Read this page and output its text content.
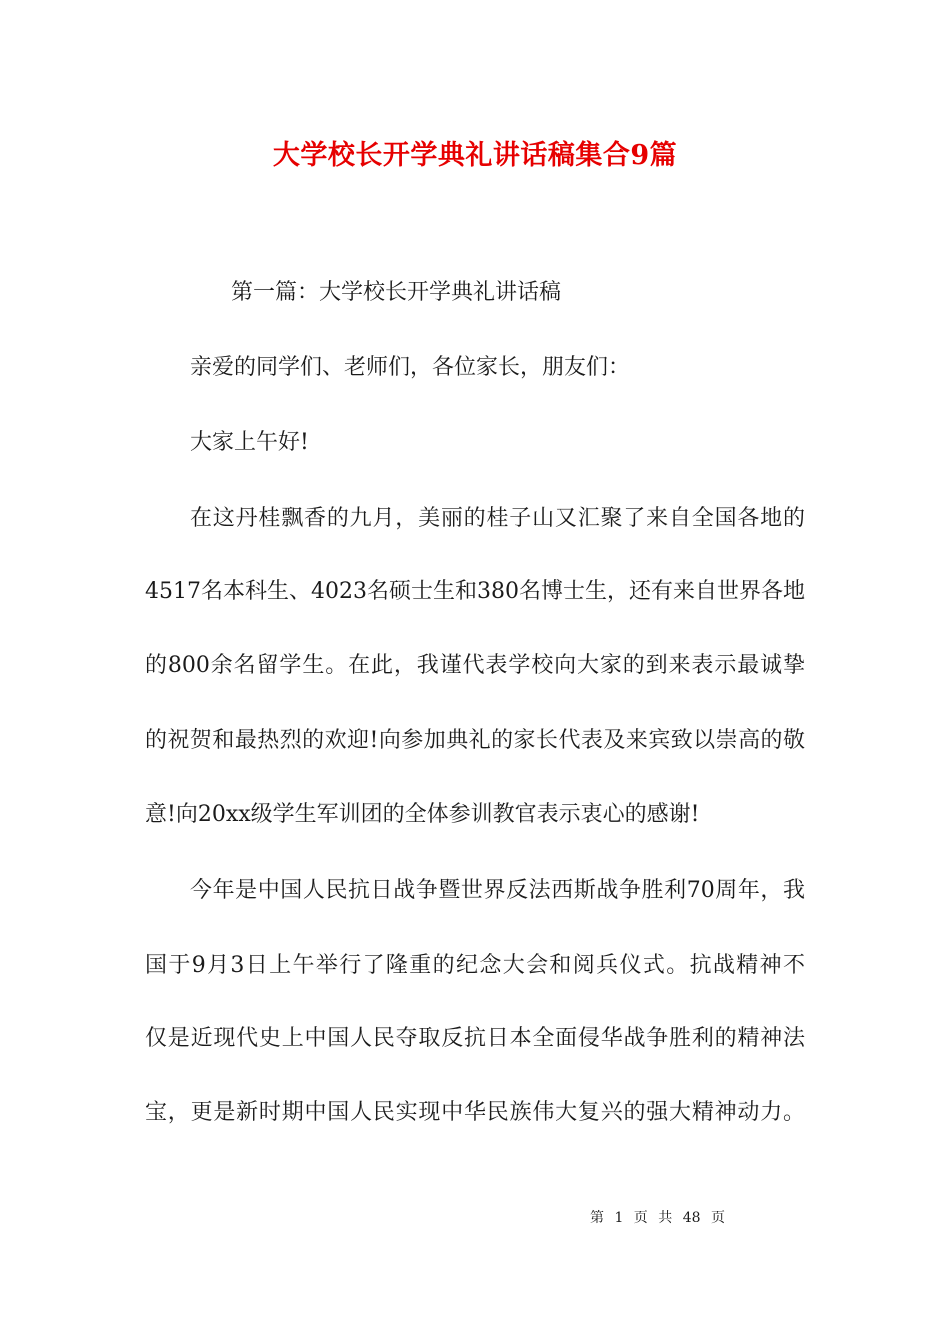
大学校长开学典礼讲话稿集合9篇

第一篇：大学校长开学典礼讲话稿

亲爱的同学们、老师们，各位家长，朋友们：

大家上午好!

在这丹桂飘香的九月，美丽的桂子山又汇聚了来自全国各地的

4517名本科生、4023名硕士生和380名博士生，还有来自世界各地

的800余名留学生。在此，我谨代表学校向大家的到来表示最诚挚

的祝贺和最热烈的欢迎!向参加典礼的家长代表及来宾致以崇高的敬

意!向20xx级学生军训团的全体参训教官表示衷心的感谢!

今年是中国人民抗日战争暨世界反法西斯战争胜利70周年，我

国于9月3日上午举行了隆重的纪念大会和阅兵仪式。抗战精神不

仅是近现代史上中国人民夺取反抗日本全面侵华战争胜利的精神法

宝，更是新时期中国人民实现中华民族伟大复兴的强大精神动力。

第 1 页 共 48 页
